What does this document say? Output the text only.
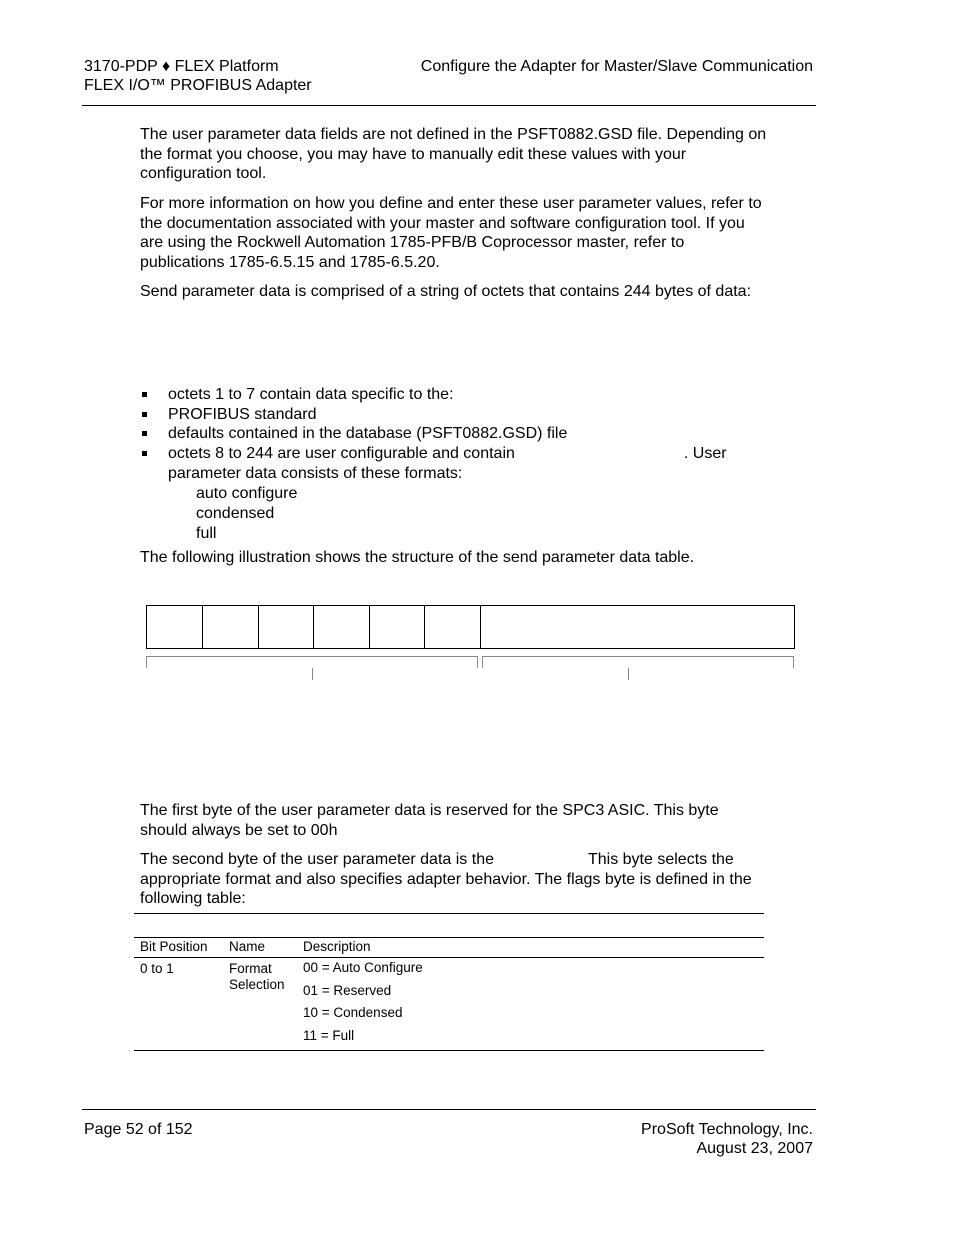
3170-PDP ♦ FLEX Platform
FLEX I/O™ PROFIBUS Adapter
Configure the Adapter for Master/Slave Communication

The user parameter data fields are not defined in the PSFT0882.GSD file. Depending on the format you choose, you may have to manually edit these values with your configuration tool.

For more information on how you define and enter these user parameter values, refer to the documentation associated with your master and software configuration tool. If you are using the Rockwell Automation 1785-PFB/B Coprocessor master, refer to publications 1785-6.5.15 and 1785-6.5.20.

Send parameter data is comprised of a string of octets that contains 244 bytes of data:

octets 1 to 7 contain data specific to the:
PROFIBUS standard
defaults contained in the database (PSFT0882.GSD) file
octets 8 to 244 are user configurable and contain	. User
parameter data consists of these formats:
auto configure
condensed
full

The following illustration shows the structure of the send parameter data table.

The first byte of the user parameter data is reserved for the SPC3 ASIC. This byte should always be set to 00h

The second byte of the user parameter data is the	This byte selects the appropriate format and also specifies adapter behavior. The flags byte is defined in the following table:

Bit Position	Name	Description
0 to 1	Format Selection	00 = Auto Configure
01 = Reserved
10 = Condensed
11 = Full
Page 52 of 152	ProSoft Technology, Inc.
August 23, 2007
